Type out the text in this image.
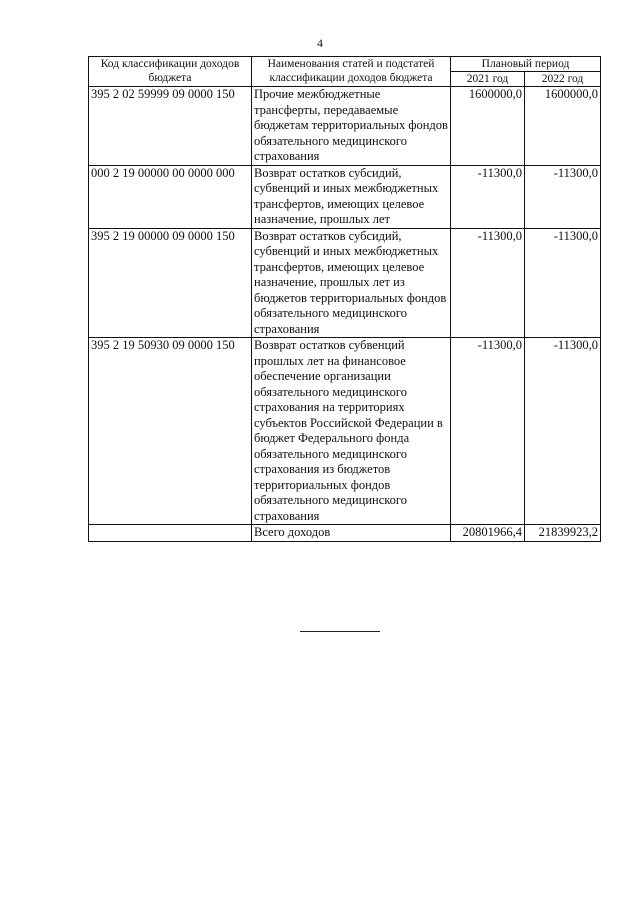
4
Код классификации доходов бюджета	Наименования статей и подстатей классификации доходов бюджета	Плановый период	
		2021 год	2022 год
395 2 02 59999 09 0000 150	Прочие межбюджетные трансферты, передаваемые бюджетам территориальных фондов обязательного медицинского страхования	1600000,0	1600000,0
000 2 19 00000 00 0000 000	Возврат остатков субсидий, субвенций и иных межбюджетных трансфертов, имеющих целевое назначение, прошлых лет	-11300,0	-11300,0
395 2 19 00000 09 0000 150	Возврат остатков субсидий, субвенций и иных межбюджетных трансфертов, имеющих целевое назначение, прошлых лет из бюджетов территориальных фондов обязательного медицинского страхования	-11300,0	-11300,0
395 2 19 50930 09 0000 150	Возврат остатков субвенций прошлых лет на финансовое обеспечение организации обязательного медицинского страхования на территориях субъектов Российской Федерации в бюджет Федерального фонда обязательного медицинского страхования из бюджетов территориальных фондов обязательного медицинского страхования	-11300,0	-11300,0
	Всего доходов	20801966,4	21839923,2
